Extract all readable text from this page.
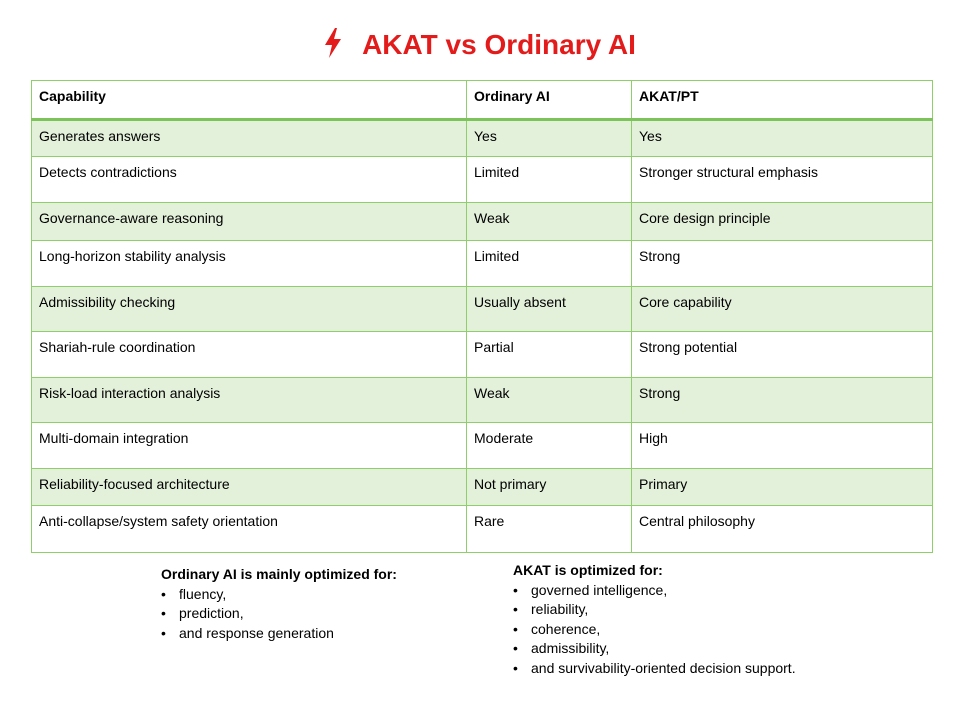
AKAT vs Ordinary AI
Capability	Ordinary AI	AKAT/PT
Generates answers	Yes	Yes
Detects contradictions	Limited	Stronger structural emphasis
Governance-aware reasoning	Weak	Core design principle
Long-horizon stability analysis	Limited	Strong
Admissibility checking	Usually absent	Core capability
Shariah-rule coordination	Partial	Strong potential
Risk-load interaction analysis	Weak	Strong
Multi-domain integration	Moderate	High
Reliability-focused architecture	Not primary	Primary
Anti-collapse/system safety orientation	Rare	Central philosophy
Ordinary AI is mainly optimized for:
• fluency,
• prediction,
• and response generation
AKAT is optimized for:
• governed intelligence,
• reliability,
• coherence,
• admissibility,
• and survivability-oriented decision support.
